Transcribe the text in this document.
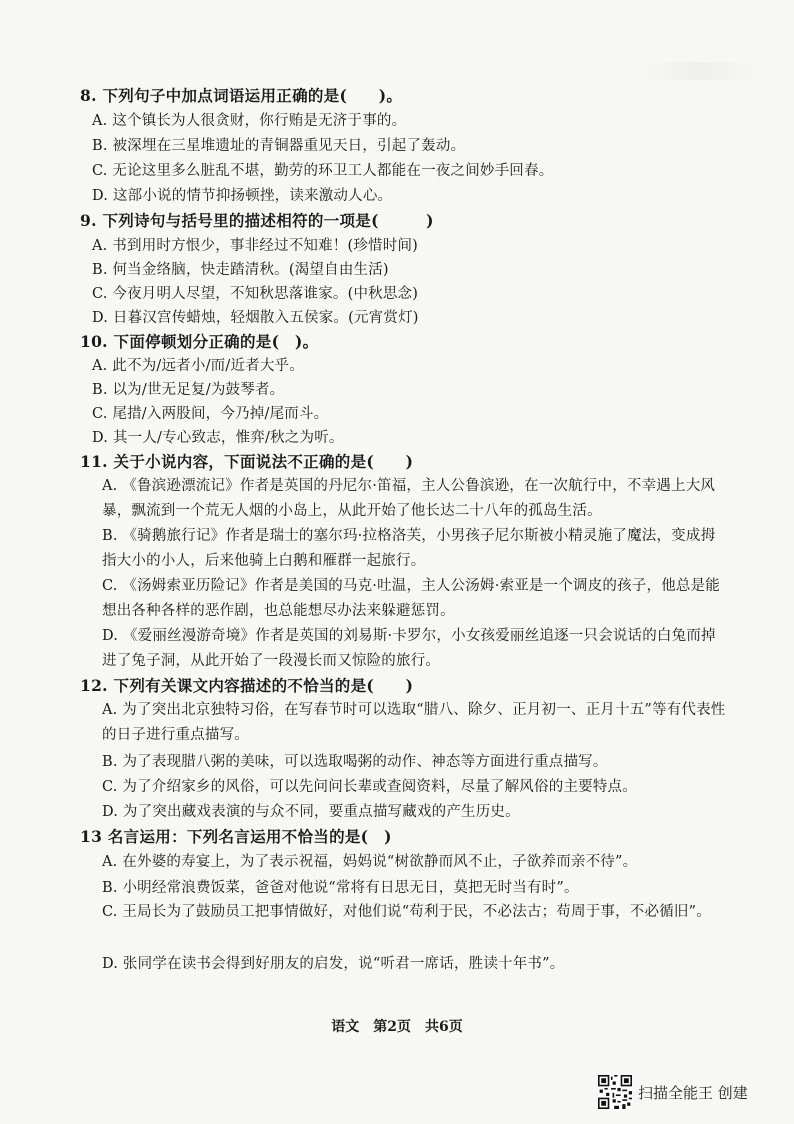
8. 下列句子中加点词语运用正确的是(　　)。
A. 这个镇长为人很贪财，你行贿是无济于事的。
B. 被深埋在三星堆遗址的青铜器重见天日，引起了轰动。
C. 无论这里多么脏乱不堪，勤劳的环卫工人都能在一夜之间妙手回春。
D. 这部小说的情节抑扬顿挫，读来激动人心。
9. 下列诗句与括号里的描述相符的一项是(　　　)
A. 书到用时方恨少，事非经过不知难！(珍惜时间)
B. 何当金络脑，快走踏清秋。(渴望自由生活)
C. 今夜月明人尽望，不知秋思落谁家。(中秋思念)
D. 日暮汉宫传蜡烛，轻烟散入五侯家。(元宵赏灯)
10. 下面停顿划分正确的是(　)。
A. 此不为/远者小/而/近者大乎。
B. 以为/世无足复/为鼓琴者。
C. 尾措/入两股间，今乃掉/尾而斗。
D. 其一人/专心致志，惟弈/秋之为听。
11. 关于小说内容，下面说法不正确的是(　　)
A. 《鲁滨逊漂流记》作者是英国的丹尼尔·笛福，主人公鲁滨逊，在一次航行中，不幸遇上大风暴，飘流到一个荒无人烟的小岛上，从此开始了他长达二十八年的孤岛生活。
B. 《骑鹅旅行记》作者是瑞士的塞尔玛·拉格洛芙，小男孩子尼尔斯被小精灵施了魔法，变成拇指大小的小人，后来他骑上白鹅和雁群一起旅行。
C. 《汤姆索亚历险记》作者是美国的马克·吐温，主人公汤姆·索亚是一个调皮的孩子，他总是能想出各种各样的恶作剧，也总能想尽办法来躲避惩罚。
D. 《爱丽丝漫游奇境》作者是英国的刘易斯·卡罗尔，小女孩爱丽丝追逐一只会说话的白兔而掉进了兔子洞，从此开始了一段漫长而又惊险的旅行。
12. 下列有关课文内容描述的不恰当的是(　　)
A. 为了突出北京独特习俗，在写春节时可以选取“腊八、除夕、正月初一、正月十五”等有代表性的日子进行重点描写。
B. 为了表现腊八粥的美味，可以选取喝粥的动作、神态等方面进行重点描写。
C. 为了介绍家乡的风俗，可以先问问长辈或查阅资料，尽量了解风俗的主要特点。
D. 为了突出藏戏表演的与众不同，要重点描写藏戏的产生历史。
13 名言运用：下列名言运用不恰当的是(　)
A. 在外婆的寿宴上，为了表示祝福，妈妈说“树欲静而风不止，子欲养而亲不待”。
B. 小明经常浪费饭菜，爸爸对他说“常将有日思无日，莫把无时当有时”。
C. 王局长为了鼓励员工把事情做好，对他们说“苟利于民，不必法古；苟周于事，不必循旧”。
D. 张同学在读书会得到好朋友的启发，说“听君一席话，胜读十年书”。
语文　第2页　共6页
扫描全能王 创建
